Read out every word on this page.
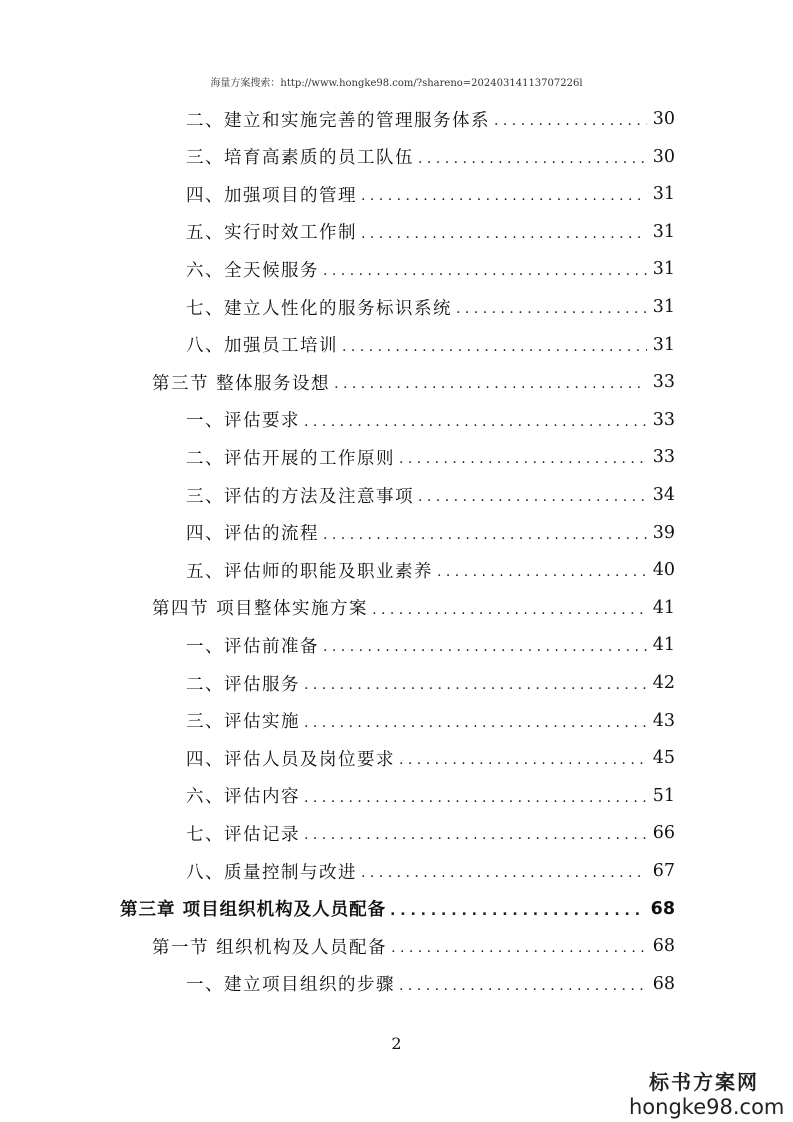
海量方案搜索：http://www.hongke98.com/?shareno=20240314113707226l
二、建立和实施完善的管理服务体系 . . .	30
三、培育高素质的员工队伍 . . .	30
四、加强项目的管理 . . .	31
五、实行时效工作制 . . .	31
六、全天候服务 . . .	31
七、建立人性化的服务标识系统 . . .	31
八、加强员工培训 . . .	31
第三节 整体服务设想 . . .	33
一、评估要求 . . .	33
二、评估开展的工作原则 . . .	33
三、评估的方法及注意事项 . . .	34
四、评估的流程 . . .	39
五、评估师的职能及职业素养 . . .	40
第四节 项目整体实施方案 . . .	41
一、评估前准备 . . .	41
二、评估服务 . . .	42
三、评估实施 . . .	43
四、评估人员及岗位要求 . . .	45
六、评估内容 . . .	51
七、评估记录 . . .	66
八、质量控制与改进 . . .	67
第三章 项目组织机构及人员配备 . . .	68
第一节 组织机构及人员配备 . . .	68
一、建立项目组织的步骤 . . .	68
2
标书方案网
hongke98.com
